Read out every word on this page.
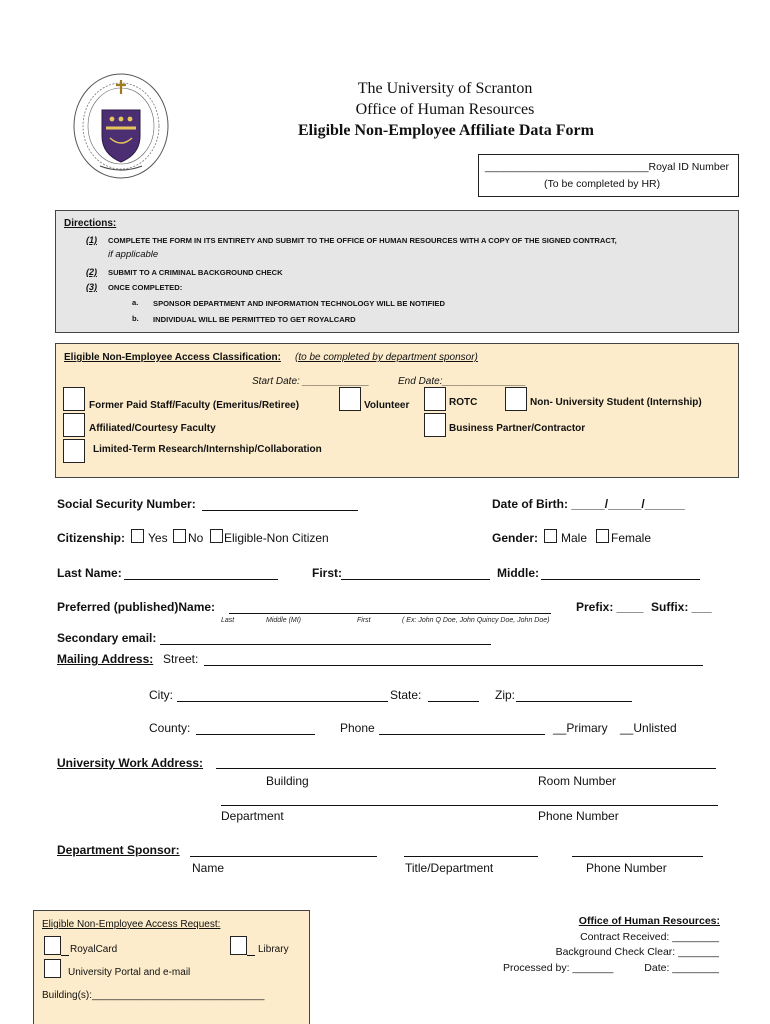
The University of Scranton
Office of Human Resources
Eligible Non-Employee Affiliate Data Form
____________________________Royal ID Number
(To be completed by HR)
Directions:
(1) COMPLETE THE FORM IN ITS ENTIRETY AND SUBMIT TO THE OFFICE OF HUMAN RESOURCES WITH A COPY OF THE SIGNED CONTRACT,
if applicable
(2) SUBMIT TO A CRIMINAL BACKGROUND CHECK
(3) ONCE COMPLETED:
a. SPONSOR DEPARTMENT AND INFORMATION TECHNOLOGY WILL BE NOTIFIED
b. INDIVIDUAL WILL BE PERMITTED TO GET ROYALCARD
Eligible Non-Employee Access Classification: (to be completed by department sponsor)
Start Date: ____________	End Date:_______________
Former Paid Staff/Faculty (Emeritus/Retiree)	Volunteer	ROTC	Non- University Student (Internship)
Affiliated/Courtesy Faculty	Business Partner/Contractor
Limited-Term Research/Internship/Collaboration
Social Security Number:	Date of Birth: _____/_____/______
Citizenship: Yes No Eligible-Non Citizen	Gender: Male Female
Last Name:	First:	Middle:
Preferred (published)Name:	Prefix: ____ Suffix: ___
Last	Middle (MI)	First	( Ex: John Q Doe, John Quincy Doe, John Doe)
Secondary email:
Mailing Address: Street:
City:	State:	Zip:
County:	Phone	__Primary __Unlisted
University Work Address:
Building	Room Number
Department	Phone Number
Department Sponsor:
Name	Title/Department	Phone Number
Eligible Non-Employee Access Request:
RoyalCard	Library
University Portal and e-mail
Building(s):_______________________________
Office of Human Resources:
Contract Received: ________
Background Check Clear: _______
Processed by: _______	Date: ________
